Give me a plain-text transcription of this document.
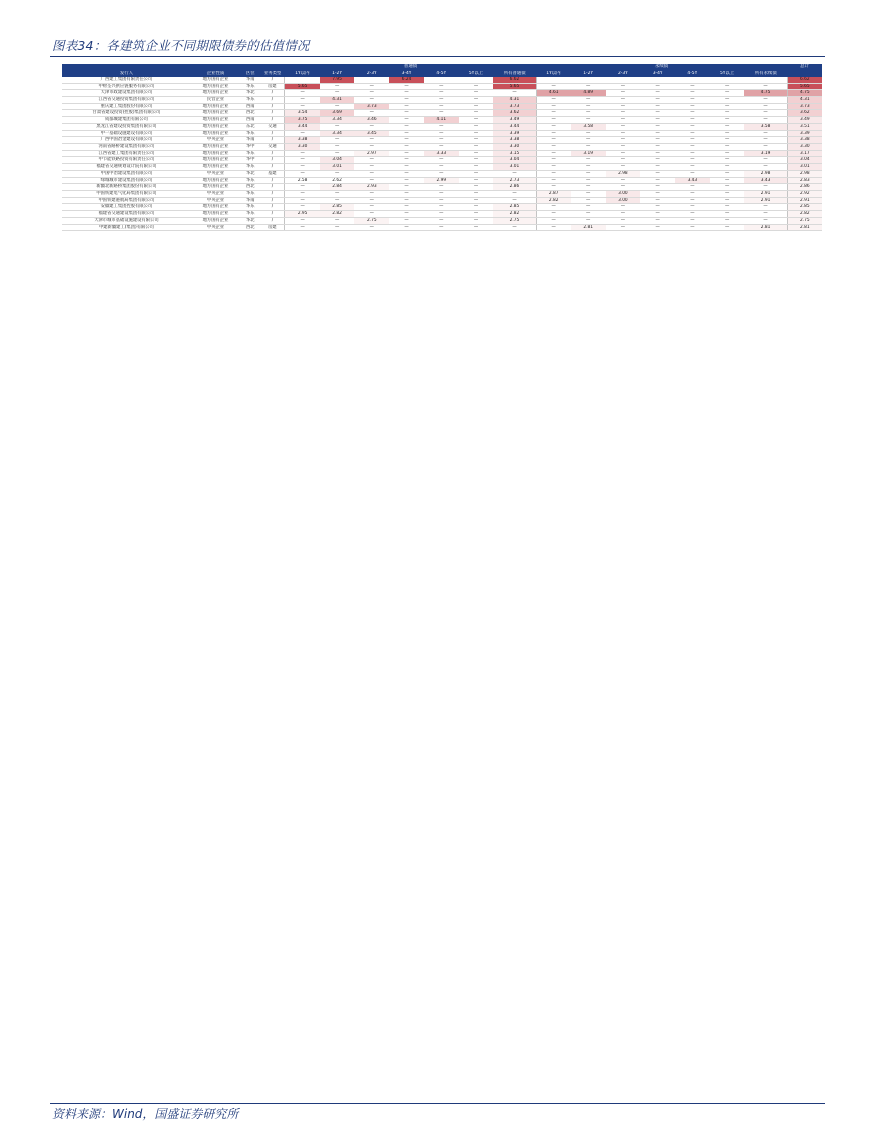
图表34：各建筑企业不同期限债券的估值情况
				普通债							永续债							总计
发行人	企业性质	区位	业务类型	1Y以内	1-2Y	2-3Y	3-4Y	4-5Y	5Y以上	所有普通债	1Y以内	1-2Y	2-3Y	3-4Y	4-5Y	5Y以上	所有永续债	
广西建工集团有限责任公司	地方国有企业	华南	/		7.95		6.24			6.62								6.62
中财荃兴供应链服务有限公司	地方国有企业	华东	房建	5.65	—	—	—	—	—	5.65	—	—	—	—	—	—	—	5.65
天津市政建设集团有限公司	地方国有企业	华北	/	—	—	—	—	—	—	—	4.61	4.89	—	—	—	—	4.75	4.75
江西省交通投资集团有限公司	民营企业	华东	/	—	4.31	—	—	—	—	4.31	—	—	—	—	—	—	—	4.31
重庆建工集团股份有限公司	地方国有企业	西南	/	—	—	3.73	—	—	—	3.73	—	—	—	—	—	—	—	3.73
甘肃省建设投资(控股)集团有限公司	地方国有企业	西北	/	3.54	3.69	—	—	—	—	3.62	—	—	—	—	—	—	—	3.62
成都城建集团有限公司	地方国有企业	西南	/	3.75	3.34	3.46	—	4.11	—	3.49	—	—	—	—	—	—	—	3.49
黑龙江省建设投资集团有限公司	地方国有企业	东北	交通	3.44	—	—	—	—	—	3.44	—	3.58	—	—	—	—	3.58	3.51
中一基础设施建设有限公司	地方国有企业	华东	/	—	3.34	3.45	—	—	—	3.39	—	—	—	—	—	—	—	3.39
广西中国冶金建设有限公司	中央企业	华南	/	3.38	—	—	—	—	—	3.38	—	—	—	—	—	—	—	3.38
河南省路桥建设集团有限公司	地方国有企业	华中	交通	3.30	—	—	—	—	—	3.30	—	—	—	—	—	—	—	3.30
江西省建工集团有限责任公司	地方国有企业	华东	/	—	—	2.97	—	3.33	—	3.15	—	3.19	—	—	—	—	3.19	3.17
中节能铁路投资有限责任公司	地方国有企业	华中	/	—	3.04	—	—	—	—	3.04	—	—	—	—	—	—	—	3.04
福建省交通规划设计院有限公司	地方国有企业	华东	/	—	3.01	—	—	—	—	3.01	—	—	—	—	—	—	—	3.01
中国中冶建设集团有限公司	中央企业	华北	基建	—	—	—	—	—	—	—	—	—	2.98	—	—	—	2.98	2.98
绿城城市建设集团有限公司	地方国有企业	华东	/	2.58	2.62	—	—	2.99	—	2.73	—	—	—	—	3.43	—	3.43	2.83
新疆北新路桥集团股份有限公司	地方国有企业	西北	/	—	2.84	2.93	—	—	—	2.86	—	—	—	—	—	—	—	2.86
中国铁建电气化局集团有限公司	中央企业	华东	/	—	—	—	—	—	—	—	2.87	—	3.00	—	—	—	2.91	2.92
中国铁建港航局集团有限公司	中央企业	华南	/	—	—	—	—	—	—	—	2.82	—	3.00	—	—	—	2.91	2.91
安徽建工集团控股有限公司	地方国有企业	华东	/	—	2.85	—	—	—	—	2.85	—	—	—	—	—	—	—	2.85
福建省交通建设集团有限公司	地方国有企业	华东	/	2.95	2.82	—	—	—	—	2.82	—	—	—	—	—	—	—	2.82
天津市城市基础设施建设有限公司	地方国有企业	华北	/	—	—	2.75	—	—	—	2.75	—	—	—	—	—	—	—	2.75
中建新疆建工(集团)有限公司	中央企业	西北	房建	—	—	—	—	—	—	—	—	2.81	—	—	—	—	2.81	2.81
资料来源：Wind，国盛证券研究所
